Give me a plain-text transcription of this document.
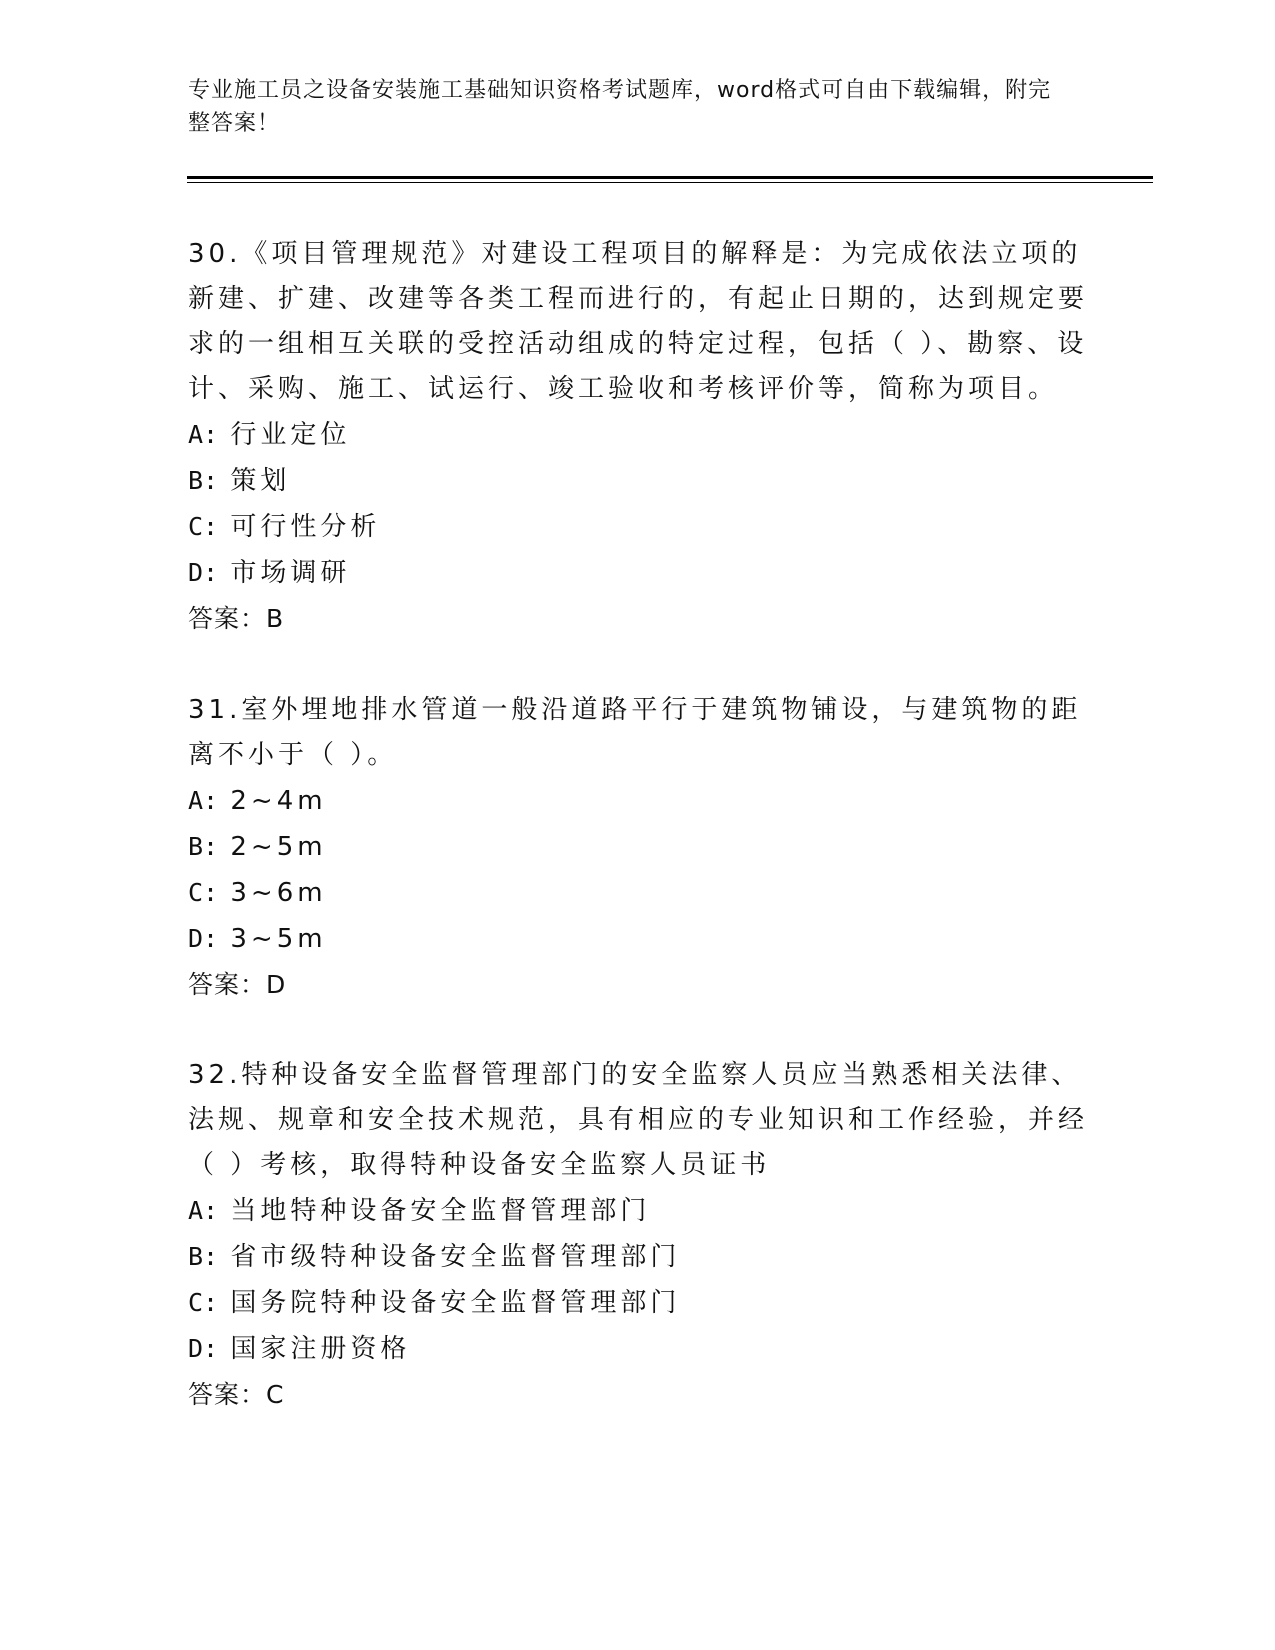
专业施工员之设备安装施工基础知识资格考试题库，word格式可自由下载编辑，附完整答案！

30.《项目管理规范》对建设工程项目的解释是：为完成依法立项的新建、扩建、改建等各类工程而进行的，有起止日期的，达到规定要求的一组相互关联的受控活动组成的特定过程，包括（ ）、勘察、设计、采购、施工、试运行、竣工验收和考核评价等，简称为项目。

A: 行业定位

B: 策划

C: 可行性分析

D: 市场调研

答案：B

31.室外埋地排水管道一般沿道路平行于建筑物铺设，与建筑物的距离不小于（ ）。

A: 2~4m

B: 2~5m

C: 3~6m

D: 3~5m

答案：D

32.特种设备安全监督管理部门的安全监察人员应当熟悉相关法律、法规、规章和安全技术规范，具有相应的专业知识和工作经验，并经（ ）考核，取得特种设备安全监察人员证书

A: 当地特种设备安全监督管理部门

B: 省市级特种设备安全监督管理部门

C: 国务院特种设备安全监督管理部门

D: 国家注册资格

答案：C
